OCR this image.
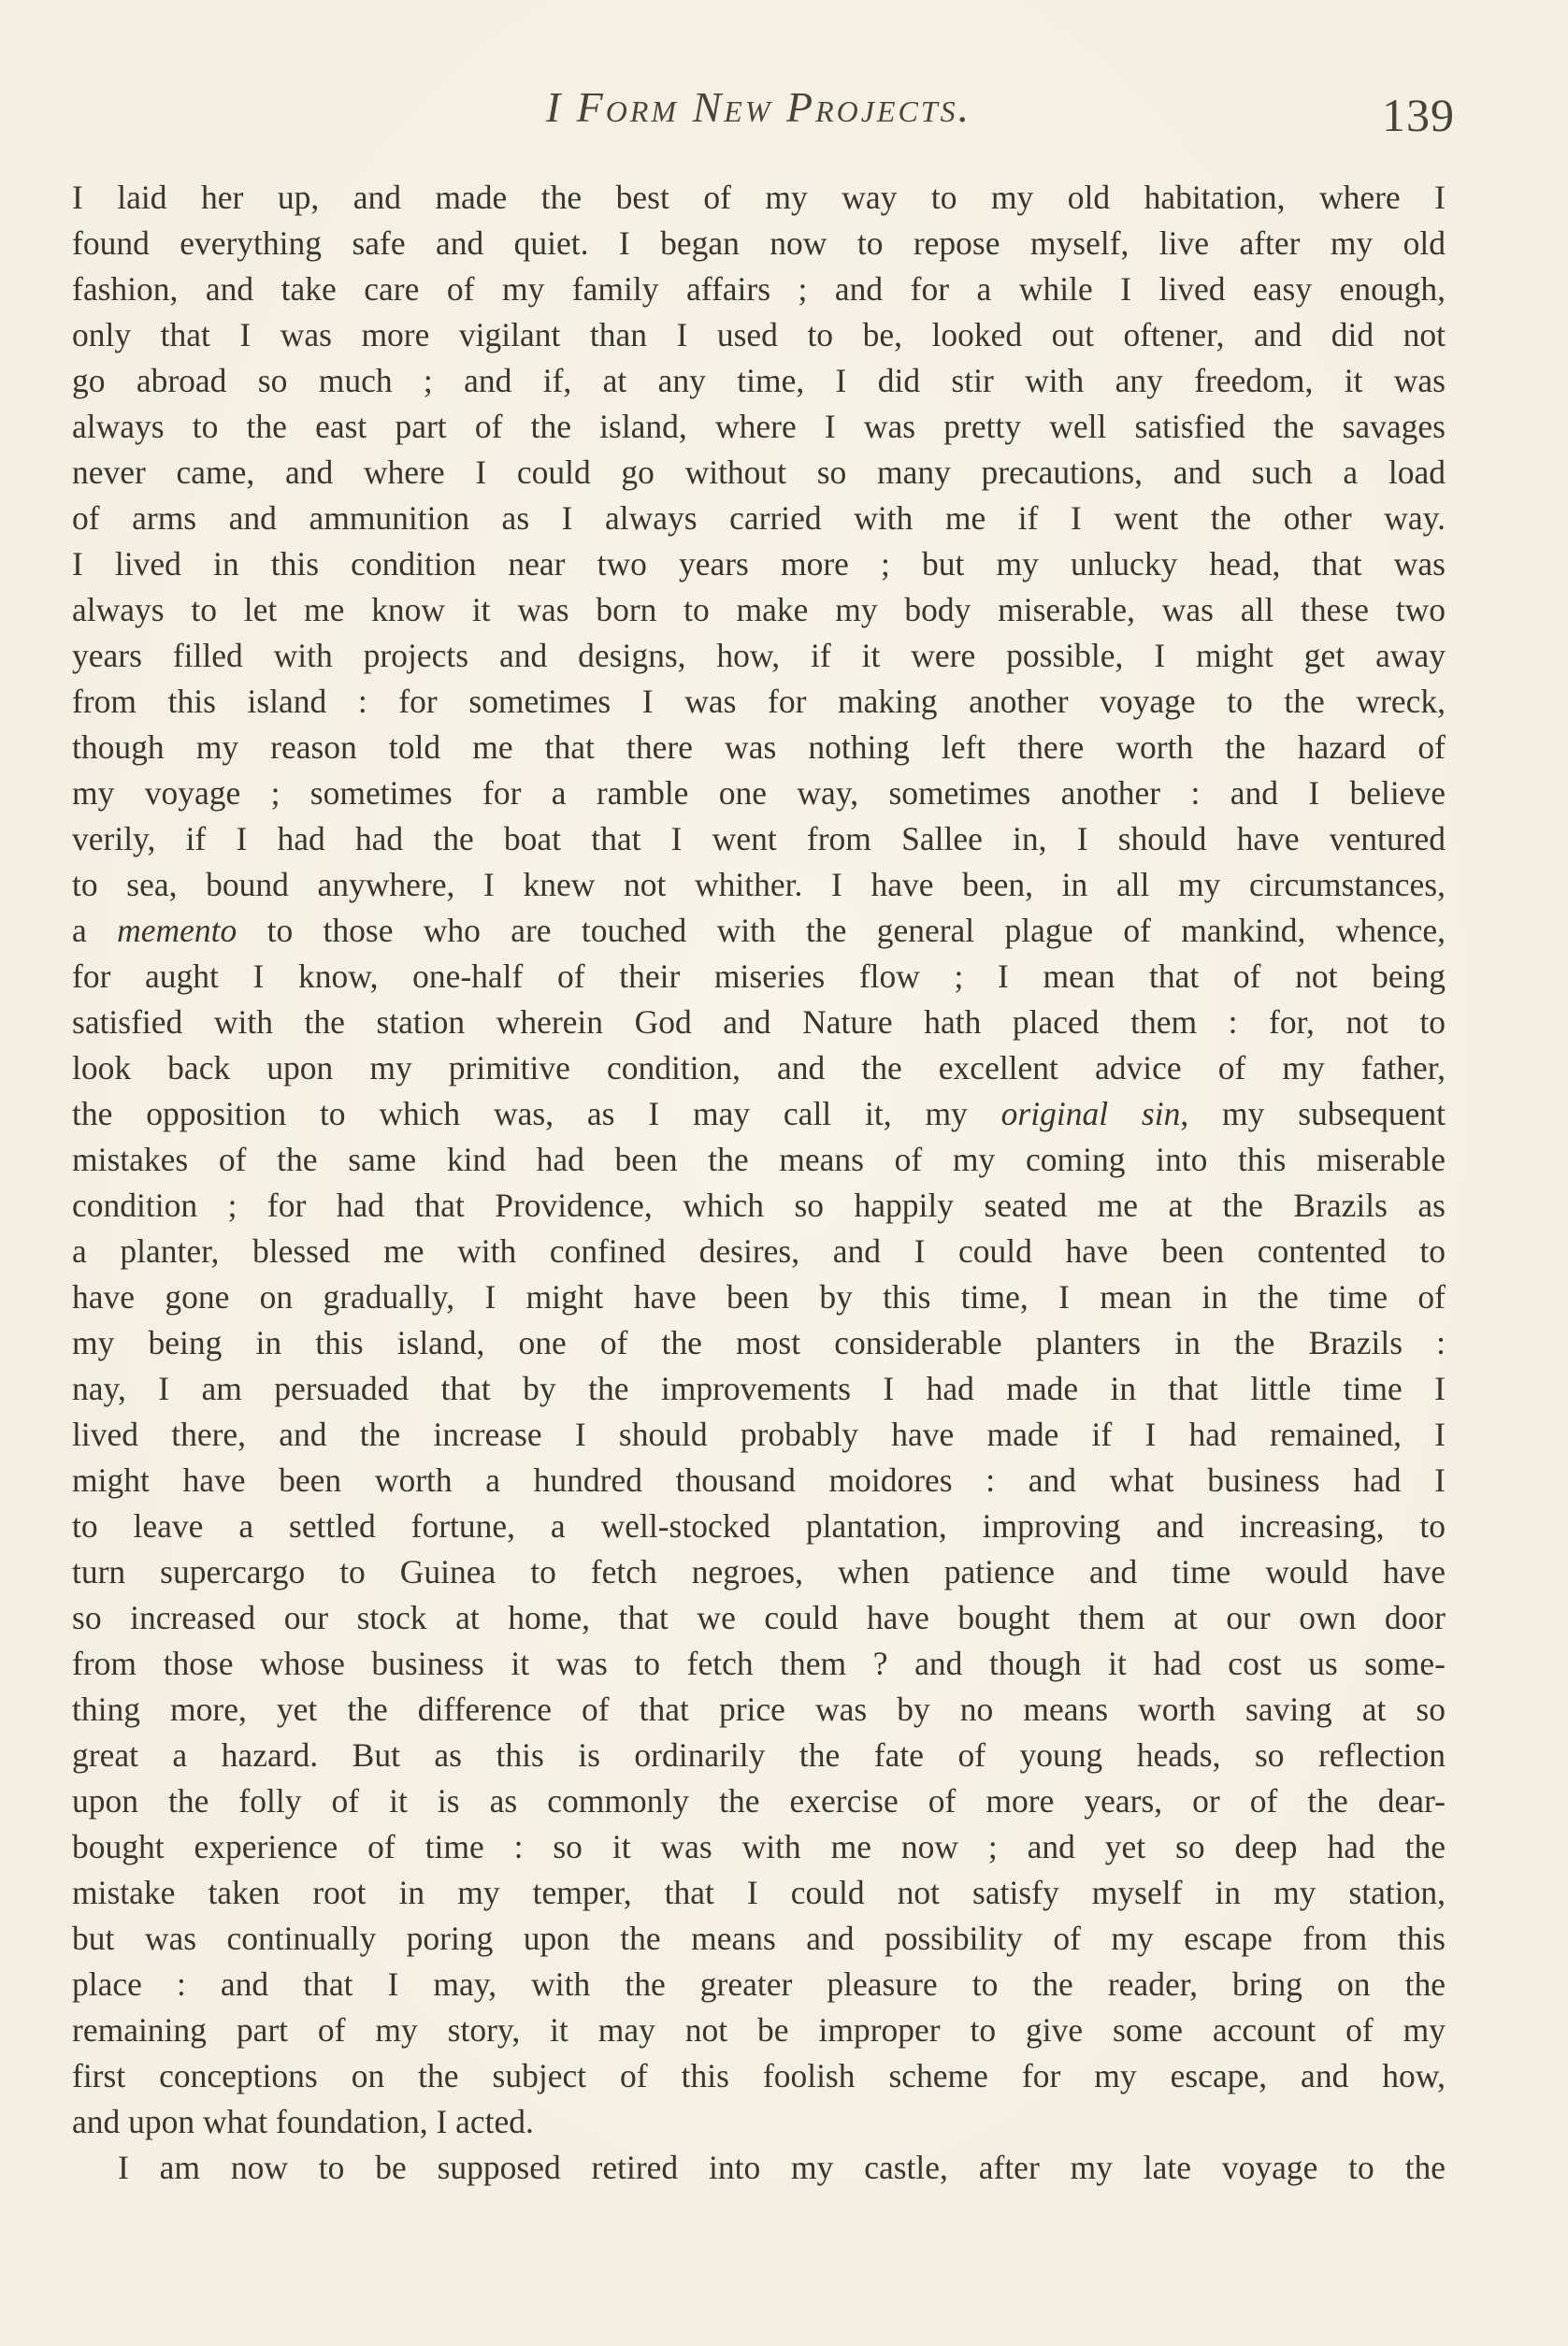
I Form New Projects.	139
I laid her up, and made the best of my way to my old habitation, where I
found everything safe and quiet. I began now to repose myself, live after my old
fashion, and take care of my family affairs ; and for a while I lived easy enough,
only that I was more vigilant than I used to be, looked out oftener, and did not
go abroad so much ; and if, at any time, I did stir with any freedom, it was
always to the east part of the island, where I was pretty well satisfied the savages
never came, and where I could go without so many precautions, and such a load
of arms and ammunition as I always carried with me if I went the other way.
I lived in this condition near two years more ; but my unlucky head, that was
always to let me know it was born to make my body miserable, was all these two
years filled with projects and designs, how, if it were possible, I might get away
from this island : for sometimes I was for making another voyage to the wreck,
though my reason told me that there was nothing left there worth the hazard of
my voyage ; sometimes for a ramble one way, sometimes another : and I believe
verily, if I had had the boat that I went from Sallee in, I should have ventured
to sea, bound anywhere, I knew not whither. I have been, in all my circumstances,
a memento to those who are touched with the general plague of mankind, whence,
for aught I know, one-half of their miseries flow ; I mean that of not being
satisfied with the station wherein God and Nature hath placed them : for, not to
look back upon my primitive condition, and the excellent advice of my father,
the opposition to which was, as I may call it, my original sin, my subsequent
mistakes of the same kind had been the means of my coming into this miserable
condition ; for had that Providence, which so happily seated me at the Brazils as
a planter, blessed me with confined desires, and I could have been contented to
have gone on gradually, I might have been by this time, I mean in the time of
my being in this island, one of the most considerable planters in the Brazils :
nay, I am persuaded that by the improvements I had made in that little time I
lived there, and the increase I should probably have made if I had remained, I
might have been worth a hundred thousand moidores : and what business had I
to leave a settled fortune, a well-stocked plantation, improving and increasing, to
turn supercargo to Guinea to fetch negroes, when patience and time would have
so increased our stock at home, that we could have bought them at our own door
from those whose business it was to fetch them ? and though it had cost us some-
thing more, yet the difference of that price was by no means worth saving at so
great a hazard. But as this is ordinarily the fate of young heads, so reflection
upon the folly of it is as commonly the exercise of more years, or of the dear-
bought experience of time : so it was with me now ; and yet so deep had the
mistake taken root in my temper, that I could not satisfy myself in my station,
but was continually poring upon the means and possibility of my escape from this
place : and that I may, with the greater pleasure to the reader, bring on the
remaining part of my story, it may not be improper to give some account of my
first conceptions on the subject of this foolish scheme for my escape, and how,
and upon what foundation, I acted.
I am now to be supposed retired into my castle, after my late voyage to the
